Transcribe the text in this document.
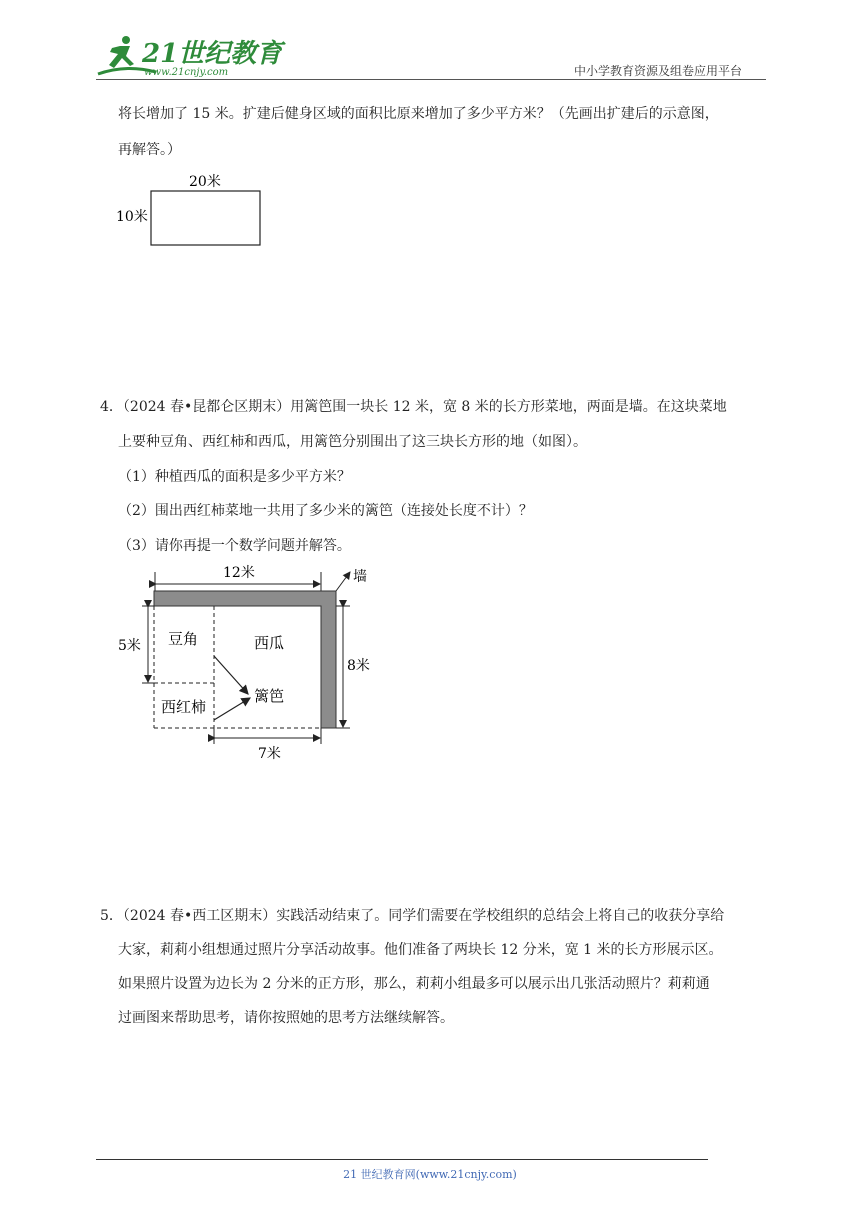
21世纪教育
www.21cnjy.com	中小学教育资源及组卷应用平台
将长增加了 15 米。扩建后健身区域的面积比原来增加了多少平方米？（先画出扩建后的示意图，
再解答。）
20米
10米
4．（2024 春•昆都仑区期末）用篱笆围一块长 12 米，宽 8 米的长方形菜地，两面是墙。在这块菜地
上要种豆角、西红柿和西瓜，用篱笆分别围出了这三块长方形的地（如图）。
（1）种植西瓜的面积是多少平方米？
（2）围出西红柿菜地一共用了多少米的篱笆（连接处长度不计）？
（3）请你再提一个数学问题并解答。
12米	墙
5米
8米
7米
豆角	西瓜
西红柿
篱笆
5．（2024 春•西工区期末）实践活动结束了。同学们需要在学校组织的总结会上将自己的收获分享给
大家，莉莉小组想通过照片分享活动故事。他们准备了两块长 12 分米，宽 1 米的长方形展示区。
如果照片设置为边长为 2 分米的正方形，那么，莉莉小组最多可以展示出几张活动照片？莉莉通
过画图来帮助思考，请你按照她的思考方法继续解答。
21 世纪教育网(www.21cnjy.com)
